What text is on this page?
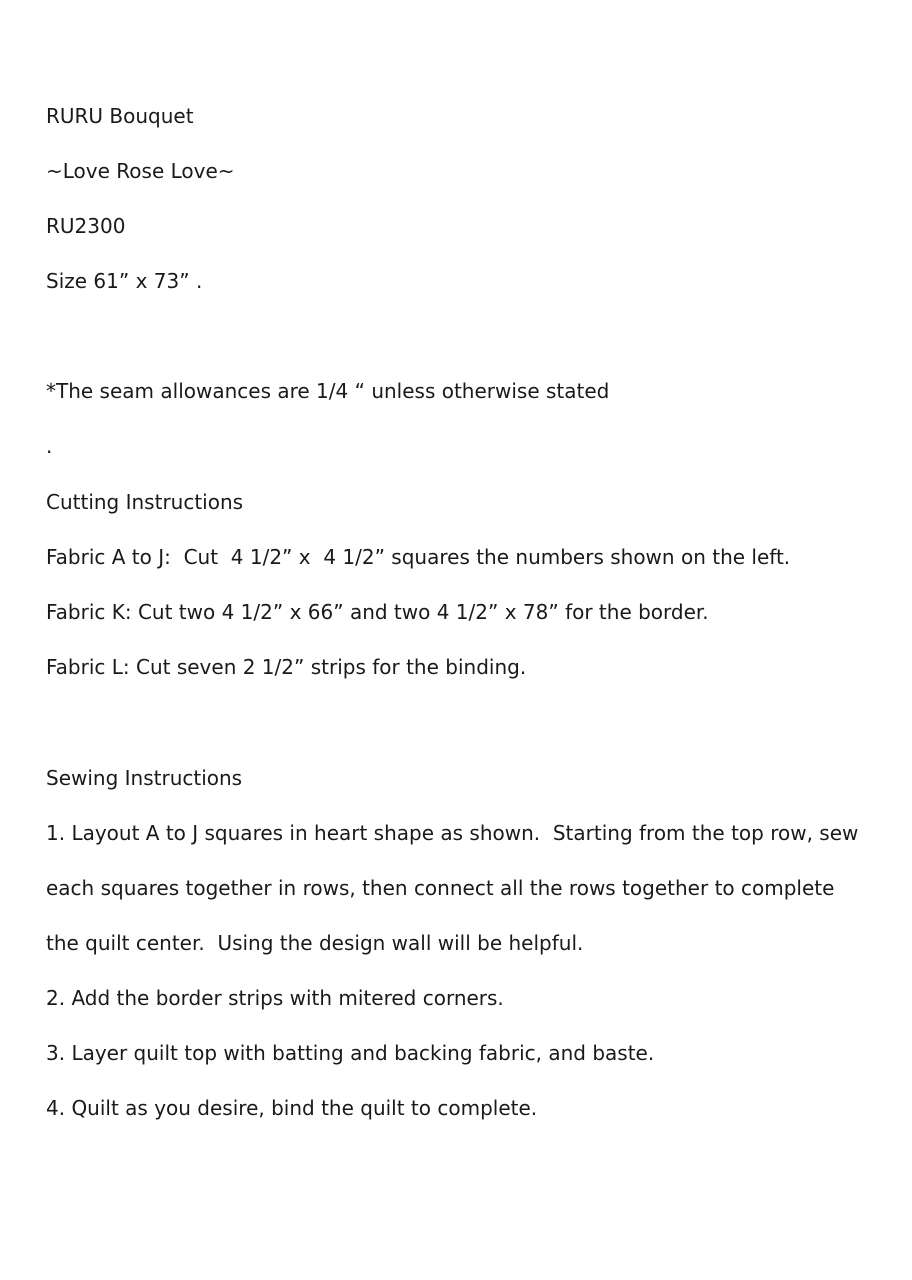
RURU Bouquet

~Love Rose Love~

RU2300

Size 61” x 73” .

*The seam allowances are 1/4 “ unless otherwise stated

.

Cutting Instructions

Fabric A to J:  Cut  4 1/2” x  4 1/2” squares the numbers shown on the left.

Fabric K: Cut two 4 1/2” x 66” and two 4 1/2” x 78” for the border.

Fabric L: Cut seven 2 1/2” strips for the binding.

Sewing Instructions

1. Layout A to J squares in heart shape as shown.  Starting from the top row, sew

each squares together in rows, then connect all the rows together to complete

the quilt center.  Using the design wall will be helpful.

2. Add the border strips with mitered corners.

3. Layer quilt top with batting and backing fabric, and baste.

4. Quilt as you desire, bind the quilt to complete.
